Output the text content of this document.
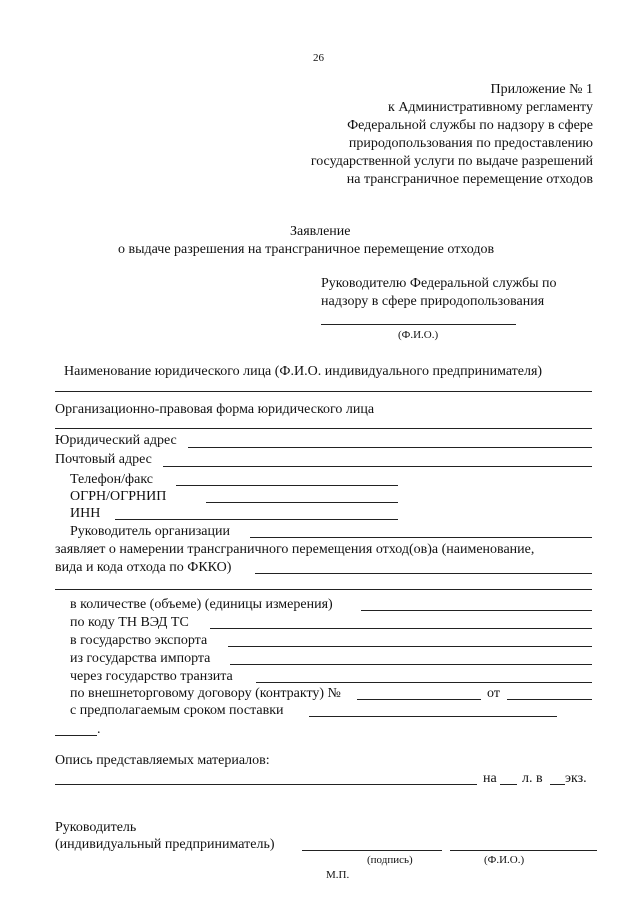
26
Приложение № 1
к Административному регламенту
Федеральной службы по надзору в сфере
природопользования по предоставлению
государственной услуги по выдаче разрешений
на трансграничное перемещение отходов
Заявление
о выдаче разрешения на трансграничное перемещение отходов
Руководителю Федеральной службы по
надзору в сфере природопользования
(Ф.И.О.)
Наименование юридического лица (Ф.И.О. индивидуального предпринимателя)
Организационно-правовая форма юридического лица
Юридический адрес
Почтовый адрес
Телефон/факс
ОГРН/ОГРНИП
ИНН
Руководитель организации
заявляет о намерении трансграничного перемещения отход(ов)а (наименование,
вида и кода отхода по ФККО)
в количестве (объеме) (единицы измерения)
по коду ТН ВЭД ТС
в государство экспорта
из государства импорта
через государство транзита
по внешнеторговому договору (контракту) №	от
с предполагаемым сроком поставки
.
Опись представляемых материалов:
на л. в экз.
Руководитель
(индивидуальный предприниматель)
(подпись)	(Ф.И.О.)
М.П.
